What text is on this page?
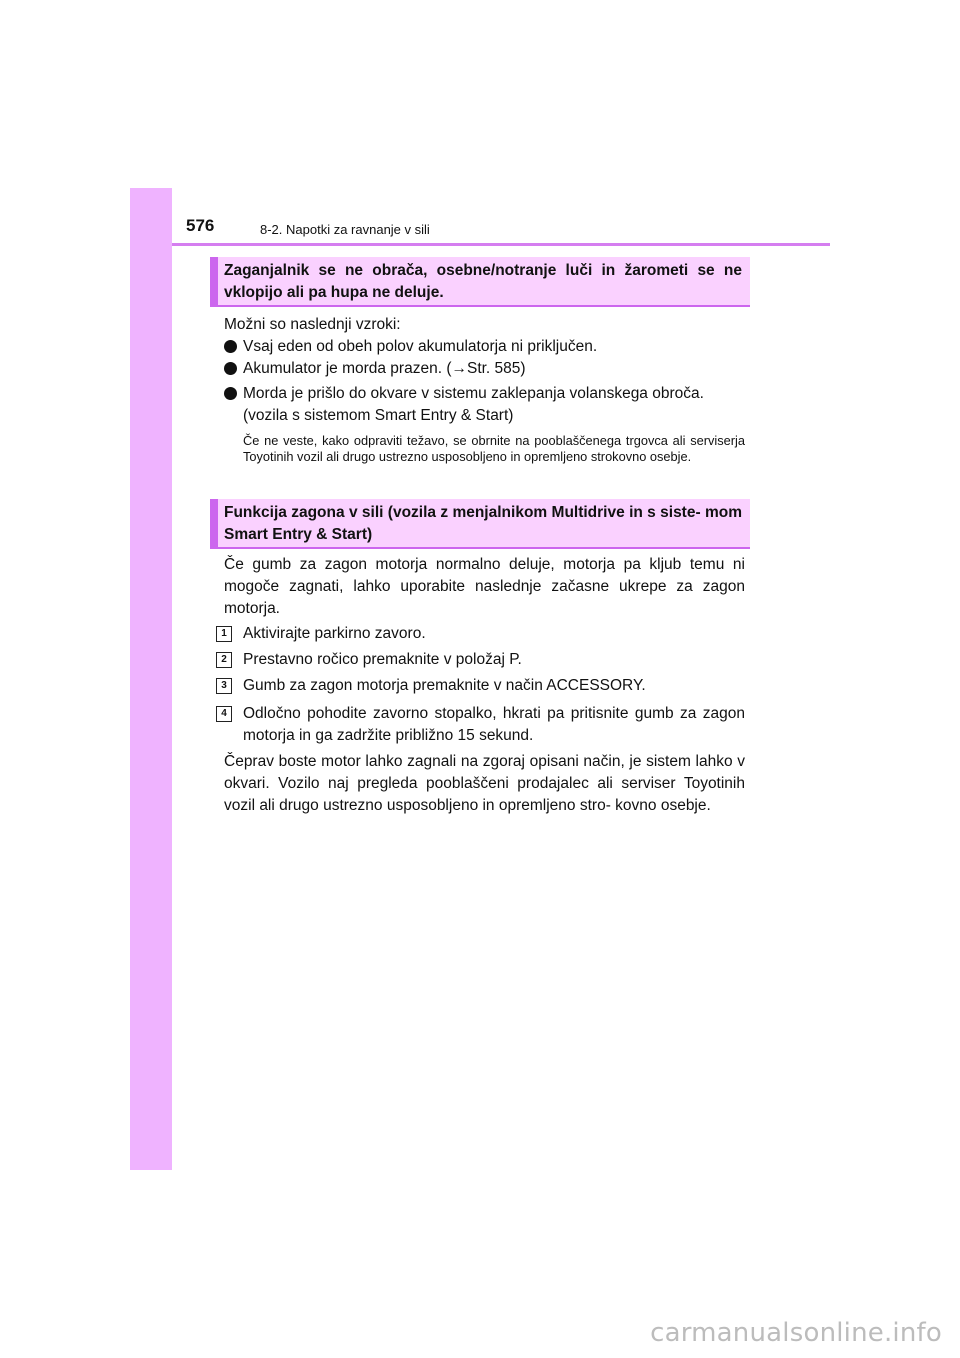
576	8-2. Napotki za ravnanje v sili
Zaganjalnik se ne obrača, osebne/notranje luči in žarometi se ne vklopijo ali pa hupa ne deluje.
Možni so naslednji vzroki:
Vsaj eden od obeh polov akumulatorja ni priključen.
Akumulator je morda prazen. (→Str. 585)
Morda je prišlo do okvare v sistemu zaklepanja volanskega obroča.
(vozila s sistemom Smart Entry & Start)
Če ne veste, kako odpraviti težavo, se obrnite na pooblaščenega trgovca ali serviserja Toyotinih vozil ali drugo ustrezno usposobljeno in opremljeno strokovno osebje.
Funkcija zagona v sili (vozila z menjalnikom Multidrive in s siste- mom Smart Entry & Start)
Če gumb za zagon motorja normalno deluje, motorja pa kljub temu ni mogoče zagnati, lahko uporabite naslednje začasne ukrepe za zagon motorja.
1	Aktivirajte parkirno zavoro.
2	Prestavno ročico premaknite v položaj P.
3	Gumb za zagon motorja premaknite v način ACCESSORY.
4	Odločno pohodite zavorno stopalko, hkrati pa pritisnite gumb za zagon motorja in ga zadržite približno 15 sekund.
Čeprav boste motor lahko zagnali na zgoraj opisani način, je sistem lahko v okvari. Vozilo naj pregleda pooblaščeni prodajalec ali serviser Toyotinih vozil ali drugo ustrezno usposobljeno in opremljeno stro- kovno osebje.
carmanualsonline.info
